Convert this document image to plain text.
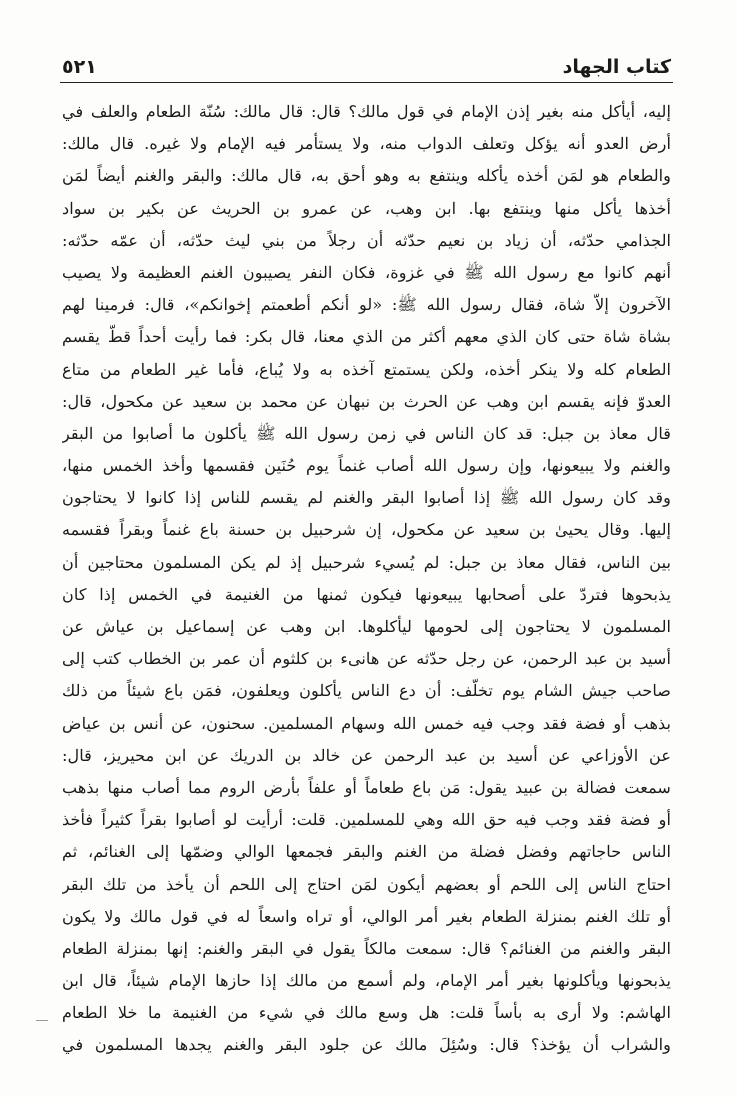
كتاب الجهاد
٥٢١
إليه، أيأكل منه بغير إذن الإمام في قول مالك؟ قال: قال مالك: سُنّة الطعام والعلف في
أرض العدو أنه يؤكل وتعلف الدواب منه، ولا يستأمر فيه الإمام ولا غيره. قال مالك:
والطعام هو لمَن أخذه يأكله وينتفع به وهو أحق به، قال مالك: والبقر والغنم أيضاً لمَن
أخذها يأكل منها وينتفع بها. ابن وهب، عن عمرو بن الحريث عن بكير بن سواد
الجذامي حدّثه، أن زياد بن نعيم حدّثه أن رجلاً من بني ليث حدّثه، أن عمّه حدّثه:
أنهم كانوا مع رسول الله ﷺ في غزوة، فكان النفر يصيبون الغنم العظيمة ولا يصيب
الآخرون إلاّ شاة، فقال رسول الله ﷺ: «لو أنكم أطعمتم إخوانكم»، قال: فرمينا لهم
بشاة شاة حتى كان الذي معهم أكثر من الذي معنا، قال بكر: فما رأيت أحداً قطّ يقسم
الطعام كله ولا ينكر أخذه، ولكن يستمتع آخذه به ولا يُباع، فأما غير الطعام من متاع
العدوّ فإنه يقسم ابن وهب عن الحرث بن نبهان عن محمد بن سعيد عن مكحول، قال:
قال معاذ بن جبل: قد كان الناس في زمن رسول الله ﷺ يأكلون ما أصابوا من البقر
والغنم ولا يبيعونها، وإن رسول الله أصاب غنماً يوم حُنَين فقسمها وأخذ الخمس منها،
وقد كان رسول الله ﷺ إذا أصابوا البقر والغنم لم يقسم للناس إذا كانوا لا يحتاجون
إليها. وقال يحيىٰ بن سعيد عن مكحول، إن شرحبيل بن حسنة باع غنماً وبقراً فقسمه
بين الناس، فقال معاذ بن جبل: لم يُسيء شرحبيل إذ لم يكن المسلمون محتاجين أن
يذبحوها فتردّ على أصحابها يبيعونها فيكون ثمنها من الغنيمة في الخمس إذا كان
المسلمون لا يحتاجون إلى لحومها ليأكلوها. ابن وهب عن إسماعيل بن عياش عن
أسيد بن عبد الرحمن، عن رجل حدّثه عن هانىء بن كلثوم أن عمر بن الخطاب كتب إلى
صاحب جيش الشام يوم تخلّف: أن دع الناس يأكلون ويعلفون، فمَن باع شيئاً من ذلك
بذهب أو فضة فقد وجب فيه خمس الله وسهام المسلمين. سحنون، عن أنس بن عياض
عن الأوزاعي عن أسيد بن عبد الرحمن عن خالد بن الدريك عن ابن محيريز، قال:
سمعت فضالة بن عبيد يقول: مَن باع طعاماً أو علفاً بأرض الروم مما أصاب منها بذهب
أو فضة فقد وجب فيه حق الله وهي للمسلمين. قلت: أرأيت لو أصابوا بقراً كثيراً فأخذ
الناس حاجاتهم وفضل فضلة من الغنم والبقر فجمعها الوالي وضمّها إلى الغنائم، ثم
احتاج الناس إلى اللحم أو بعضهم أيكون لمَن احتاج إلى اللحم أن يأخذ من تلك البقر
أو تلك الغنم بمنزلة الطعام بغير أمر الوالي، أو تراه واسعاً له في قول مالك ولا يكون
البقر والغنم من الغنائم؟ قال: سمعت مالكاً يقول في البقر والغنم: إنها بمنزلة الطعام
يذبحونها ويأكلونها بغير أمر الإمام، ولم أسمع من مالك إذا حازها الإمام شيئاً، قال ابن
الهاشم: ولا أرى به بأساً قلت: هل وسع مالك في شيء من الغنيمة ما خلا الطعام
والشراب أن يؤخذ؟ قال: وسُئِلَ مالك عن جلود البقر والغنم يجدها المسلمون في
